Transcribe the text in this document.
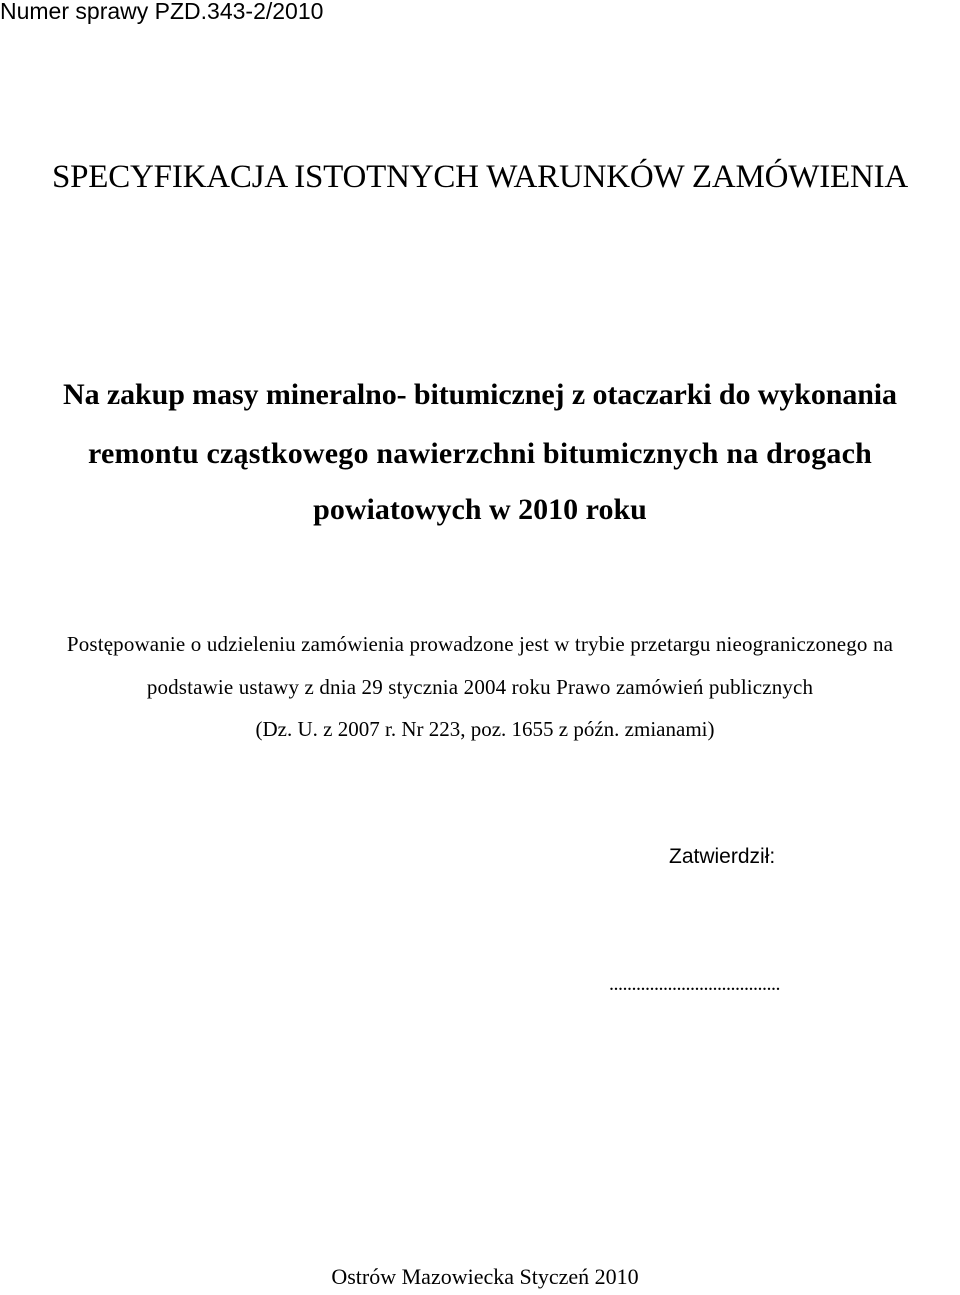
Numer sprawy PZD.343-2/2010

SPECYFIKACJA ISTOTNYCH WARUNKÓW ZAMÓWIENIA

Na zakup masy mineralno- bitumicznej z otaczarki do wykonania

remontu cząstkowego nawierzchni bitumicznych na drogach

powiatowych w 2010 roku

Postępowanie o udzieleniu zamówienia prowadzone jest w trybie przetargu nieograniczonego na

podstawie ustawy z dnia 29 stycznia 2004 roku Prawo zamówień publicznych

(Dz. U. z 2007 r. Nr 223, poz. 1655 z późn. zmianami)

Zatwierdził:

......................................

Ostrów Mazowiecka Styczeń 2010
